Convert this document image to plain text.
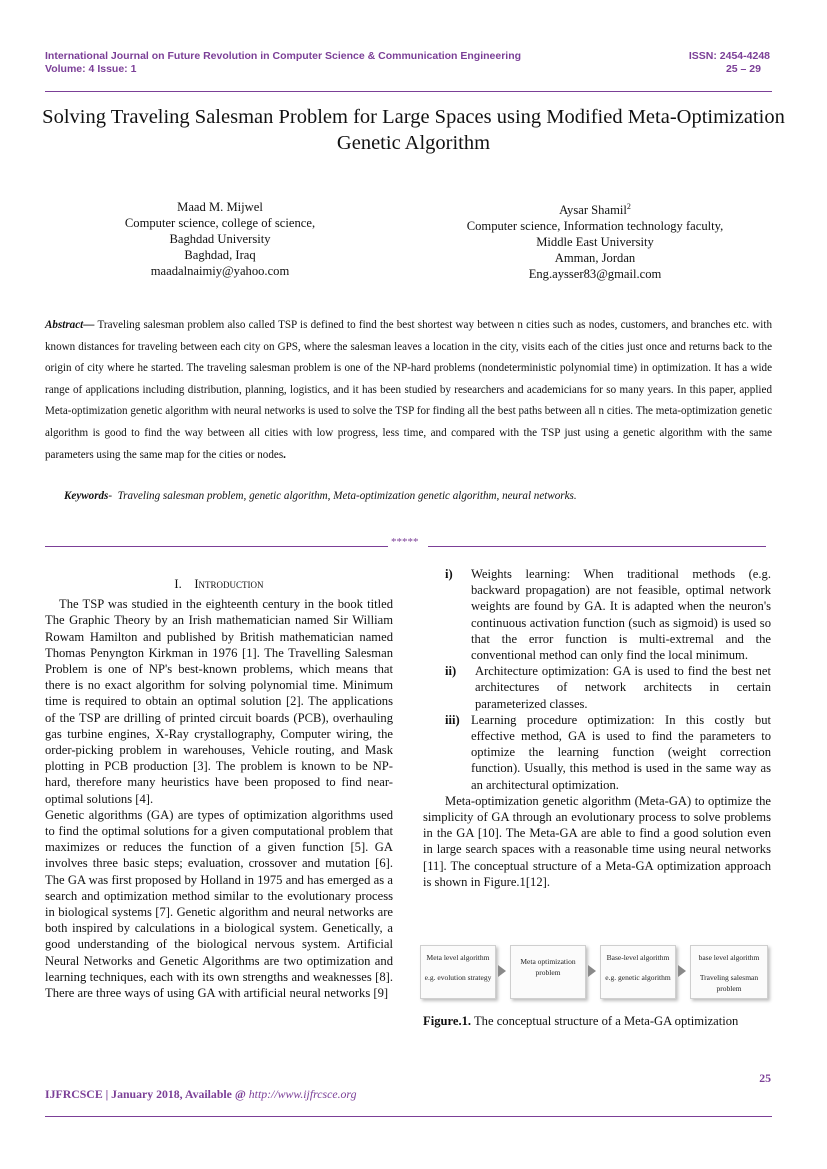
International Journal on Future Revolution in Computer Science & Communication Engineering
Volume: 4 Issue: 1
ISSN: 2454-4248
25 – 29
Solving Traveling Salesman Problem for Large Spaces using Modified Meta-Optimization Genetic Algorithm
Maad M. Mijwel
Computer science, college of science,
Baghdad University
Baghdad, Iraq
maadalnaimiy@yahoo.com
Aysar Shamil$^2$
Computer science, Information technology faculty,
Middle East University
Amman, Jordan
Eng.aysser83@gmail.com
Abstract— Traveling salesman problem also called TSP is defined to find the best shortest way between n cities such as nodes, customers, and branches etc. with known distances for traveling between each city on GPS, where the salesman leaves a location in the city, visits each of the cities just once and returns back to the origin of city where he started. The traveling salesman problem is one of the NP-hard problems (nondeterministic polynomial time) in optimization. It has a wide range of applications including distribution, planning, logistics, and it has been studied by researchers and academicians for so many years. In this paper, applied Meta-optimization genetic algorithm with neural networks is used to solve the TSP for finding all the best paths between all n cities. The meta-optimization genetic algorithm is good to find the way between all cities with low progress, less time, and compared with the TSP just using a genetic algorithm with the same parameters using the same map for the cities or nodes.
Keywords- Traveling salesman problem, genetic algorithm, Meta-optimization genetic algorithm, neural networks.
*****
I. Introduction

The TSP was studied in the eighteenth century in the book titled The Graphic Theory by an Irish mathematician named Sir William Rowam Hamilton and published by British mathematician named Thomas Penyngton Kirkman in 1976 [1]. The Travelling Salesman Problem is one of NP's best-known problems, which means that there is no exact algorithm for solving polynomial time. Minimum time is required to obtain an optimal solution [2]. The applications of the TSP are drilling of printed circuit boards (PCB), overhauling gas turbine engines, X-Ray crystallography, Computer wiring, the order-picking problem in warehouses, Vehicle routing, and Mask plotting in PCB production [3]. The problem is known to be NP-hard, therefore many heuristics have been proposed to find near-optimal solutions [4].

Genetic algorithms (GA) are types of optimization algorithms used to find the optimal solutions for a given computational problem that maximizes or reduces the function of a given function [5]. GA involves three basic steps; evaluation, crossover and mutation [6]. The GA was first proposed by Holland in 1975 and has emerged as a search and optimization method similar to the evolutionary process in biological systems [7]. Genetic algorithm and neural networks are both inspired by calculations in a biological system. Genetically, a good understanding of the biological nervous system. Artificial Neural Networks and Genetic Algorithms are two optimization and learning techniques, each with its own strengths and weaknesses [8]. There are three ways of using GA with artificial neural networks [9]

i)	Weights learning: When traditional methods (e.g. backward propagation) are not feasible, optimal network weights are found by GA. It is adapted when the neuron's continuous activation function (such as sigmoid) is used so that the error function is multi-extremal and the conventional method can only find the local minimum.
ii)	Architecture optimization: GA is used to find the best net architectures of network architects in certain parameterized classes.
iii) Learning procedure optimization: In this costly but effective method, GA is used to find the parameters to optimize the learning function (weight correction function). Usually, this method is used in the same way as an architectural optimization.

Meta-optimization genetic algorithm (Meta-GA) to optimize the simplicity of GA through an evolutionary process to solve problems in the GA [10]. The Meta-GA are able to find a good solution even in large search spaces with a reasonable time using neural networks [11]. The conceptual structure of a Meta-GA optimization approach is shown in Figure.1[12].

Meta level algorithm
e.g. evolution strategy
Meta optimization problem
Base-level algorithm
e.g. genetic algorithm
base level algorithm
Traveling salesman problem
Figure.1. The conceptual structure of a Meta-GA optimization
25
IJFRCSCE | January 2018, Available @ http://www.ijfrcsce.org
